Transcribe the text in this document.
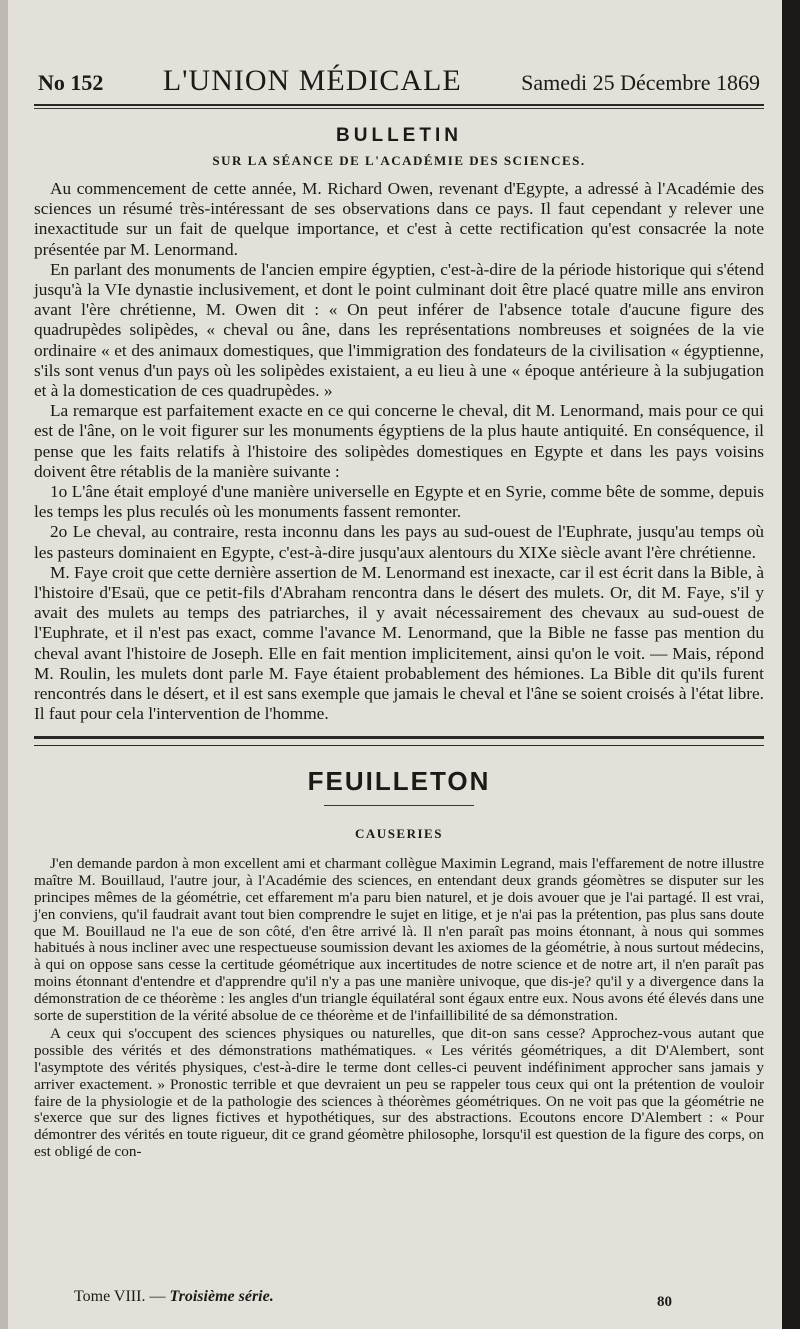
No 152 L'UNION MÉDICALE	Samedi 25 Décembre 1869
BULLETIN
SUR LA SÉANCE DE L'ACADÉMIE DES SCIENCES.

Au commencement de cette année, M. Richard Owen, revenant d'Egypte, a adressé à l'Académie des sciences un résumé très-intéressant de ses observations dans ce pays. Il faut cependant y relever une inexactitude sur un fait de quelque importance, et c'est à cette rectification qu'est consacrée la note présentée par M. Lenormand.

En parlant des monuments de l'ancien empire égyptien, c'est-à-dire de la période historique qui s'étend jusqu'à la VIe dynastie inclusivement, et dont le point culminant doit être placé quatre mille ans environ avant l'ère chrétienne, M. Owen dit : « On peut inférer de l'absence totale d'aucune figure des quadrupèdes solipèdes, « cheval ou âne, dans les représentations nombreuses et soignées de la vie ordinaire « et des animaux domestiques, que l'immigration des fondateurs de la civilisation « égyptienne, s'ils sont venus d'un pays où les solipèdes existaient, a eu lieu à une « époque antérieure à la subjugation et à la domestication de ces quadrupèdes. »

La remarque est parfaitement exacte en ce qui concerne le cheval, dit M. Lenormand, mais pour ce qui est de l'âne, on le voit figurer sur les monuments égyptiens de la plus haute antiquité. En conséquence, il pense que les faits relatifs à l'histoire des solipèdes domestiques en Egypte et dans les pays voisins doivent être rétablis de la manière suivante :

1o L'âne était employé d'une manière universelle en Egypte et en Syrie, comme bête de somme, depuis les temps les plus reculés où les monuments fassent remonter.

2o Le cheval, au contraire, resta inconnu dans les pays au sud-ouest de l'Euphrate, jusqu'au temps où les pasteurs dominaient en Egypte, c'est-à-dire jusqu'aux alentours du XIXe siècle avant l'ère chrétienne.

M. Faye croit que cette dernière assertion de M. Lenormand est inexacte, car il est écrit dans la Bible, à l'histoire d'Esaü, que ce petit-fils d'Abraham rencontra dans le désert des mulets. Or, dit M. Faye, s'il y avait des mulets au temps des patriarches, il y avait nécessairement des chevaux au sud-ouest de l'Euphrate, et il n'est pas exact, comme l'avance M. Lenormand, que la Bible ne fasse pas mention du cheval avant l'histoire de Joseph. Elle en fait mention implicitement, ainsi qu'on le voit. — Mais, répond M. Roulin, les mulets dont parle M. Faye étaient probablement des hémiones. La Bible dit qu'ils furent rencontrés dans le désert, et il est sans exemple que jamais le cheval et l'âne se soient croisés à l'état libre. Il faut pour cela l'intervention de l'homme.

FEUILLETON
CAUSERIES

J'en demande pardon à mon excellent ami et charmant collègue Maximin Legrand, mais l'effarement de notre illustre maître M. Bouillaud, l'autre jour, à l'Académie des sciences, en entendant deux grands géomètres se disputer sur les principes mêmes de la géométrie, cet effarement m'a paru bien naturel, et je dois avouer que je l'ai partagé. Il est vrai, j'en conviens, qu'il faudrait avant tout bien comprendre le sujet en litige, et je n'ai pas la prétention, pas plus sans doute que M. Bouillaud ne l'a eue de son côté, d'en être arrivé là. Il n'en paraît pas moins étonnant, à nous qui sommes habitués à nous incliner avec une respectueuse soumission devant les axiomes de la géométrie, à nous surtout médecins, à qui on oppose sans cesse la certitude géométrique aux incertitudes de notre science et de notre art, il n'en paraît pas moins étonnant d'entendre et d'apprendre qu'il n'y a pas une manière univoque, que dis-je? qu'il y a divergence dans la démonstration de ce théorème : les angles d'un triangle équilatéral sont égaux entre eux. Nous avons été élevés dans une sorte de superstition de la vérité absolue de ce théorème et de l'infaillibilité de sa démonstration.

A ceux qui s'occupent des sciences physiques ou naturelles, que dit-on sans cesse? Approchez-vous autant que possible des vérités et des démonstrations mathématiques. « Les vérités géométriques, a dit D'Alembert, sont l'asymptote des vérités physiques, c'est-à-dire le terme dont celles-ci peuvent indéfiniment approcher sans jamais y arriver exactement. » Pronostic terrible et que devraient un peu se rappeler tous ceux qui ont la prétention de vouloir faire de la physiologie et de la pathologie des sciences à théorèmes géométriques. On ne voit pas que la géométrie ne s'exerce que sur des lignes fictives et hypothétiques, sur des abstractions. Ecoutons encore D'Alembert : « Pour démontrer des vérités en toute rigueur, dit ce grand géomètre philosophe, lorsqu'il est question de la figure des corps, on est obligé de con-

Tome VIII. — Troisième série.	80
